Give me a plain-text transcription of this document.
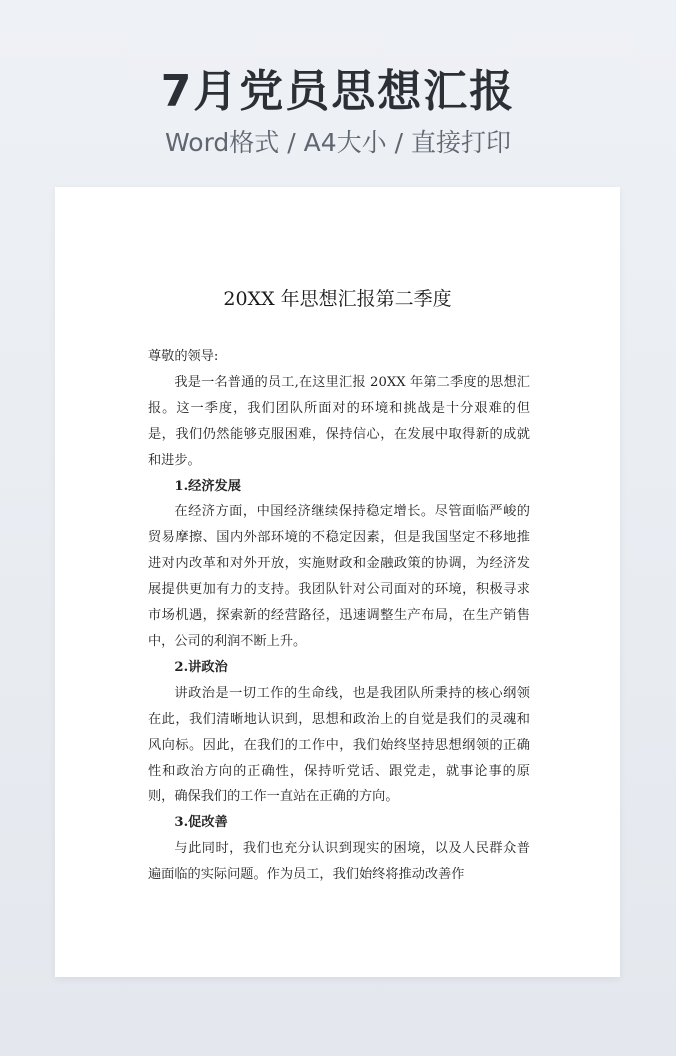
7月党员思想汇报
Word格式 / A4大小 / 直接打印
20XX 年思想汇报第二季度

尊敬的领导:

我是一名普通的员工,在这里汇报 20XX 年第二季度的思想汇报。这一季度，我们团队所面对的环境和挑战是十分艰难的但是，我们仍然能够克服困难，保持信心，在发展中取得新的成就和进步。

1.经济发展

在经济方面，中国经济继续保持稳定增长。尽管面临严峻的贸易摩擦、国内外部环境的不稳定因素，但是我国坚定不移地推进对内改革和对外开放，实施财政和金融政策的协调，为经济发展提供更加有力的支持。我团队针对公司面对的环境，积极寻求市场机遇，探索新的经营路径，迅速调整生产布局，在生产销售中，公司的利润不断上升。

2.讲政治

讲政治是一切工作的生命线，也是我团队所秉持的核心纲领在此，我们清晰地认识到，思想和政治上的自觉是我们的灵魂和风向标。因此，在我们的工作中，我们始终坚持思想纲领的正确性和政治方向的正确性，保持听党话、跟党走，就事论事的原则，确保我们的工作一直站在正确的方向。

3.促改善

与此同时，我们也充分认识到现实的困境，以及人民群众普遍面临的实际问题。作为员工，我们始终将推动改善作
